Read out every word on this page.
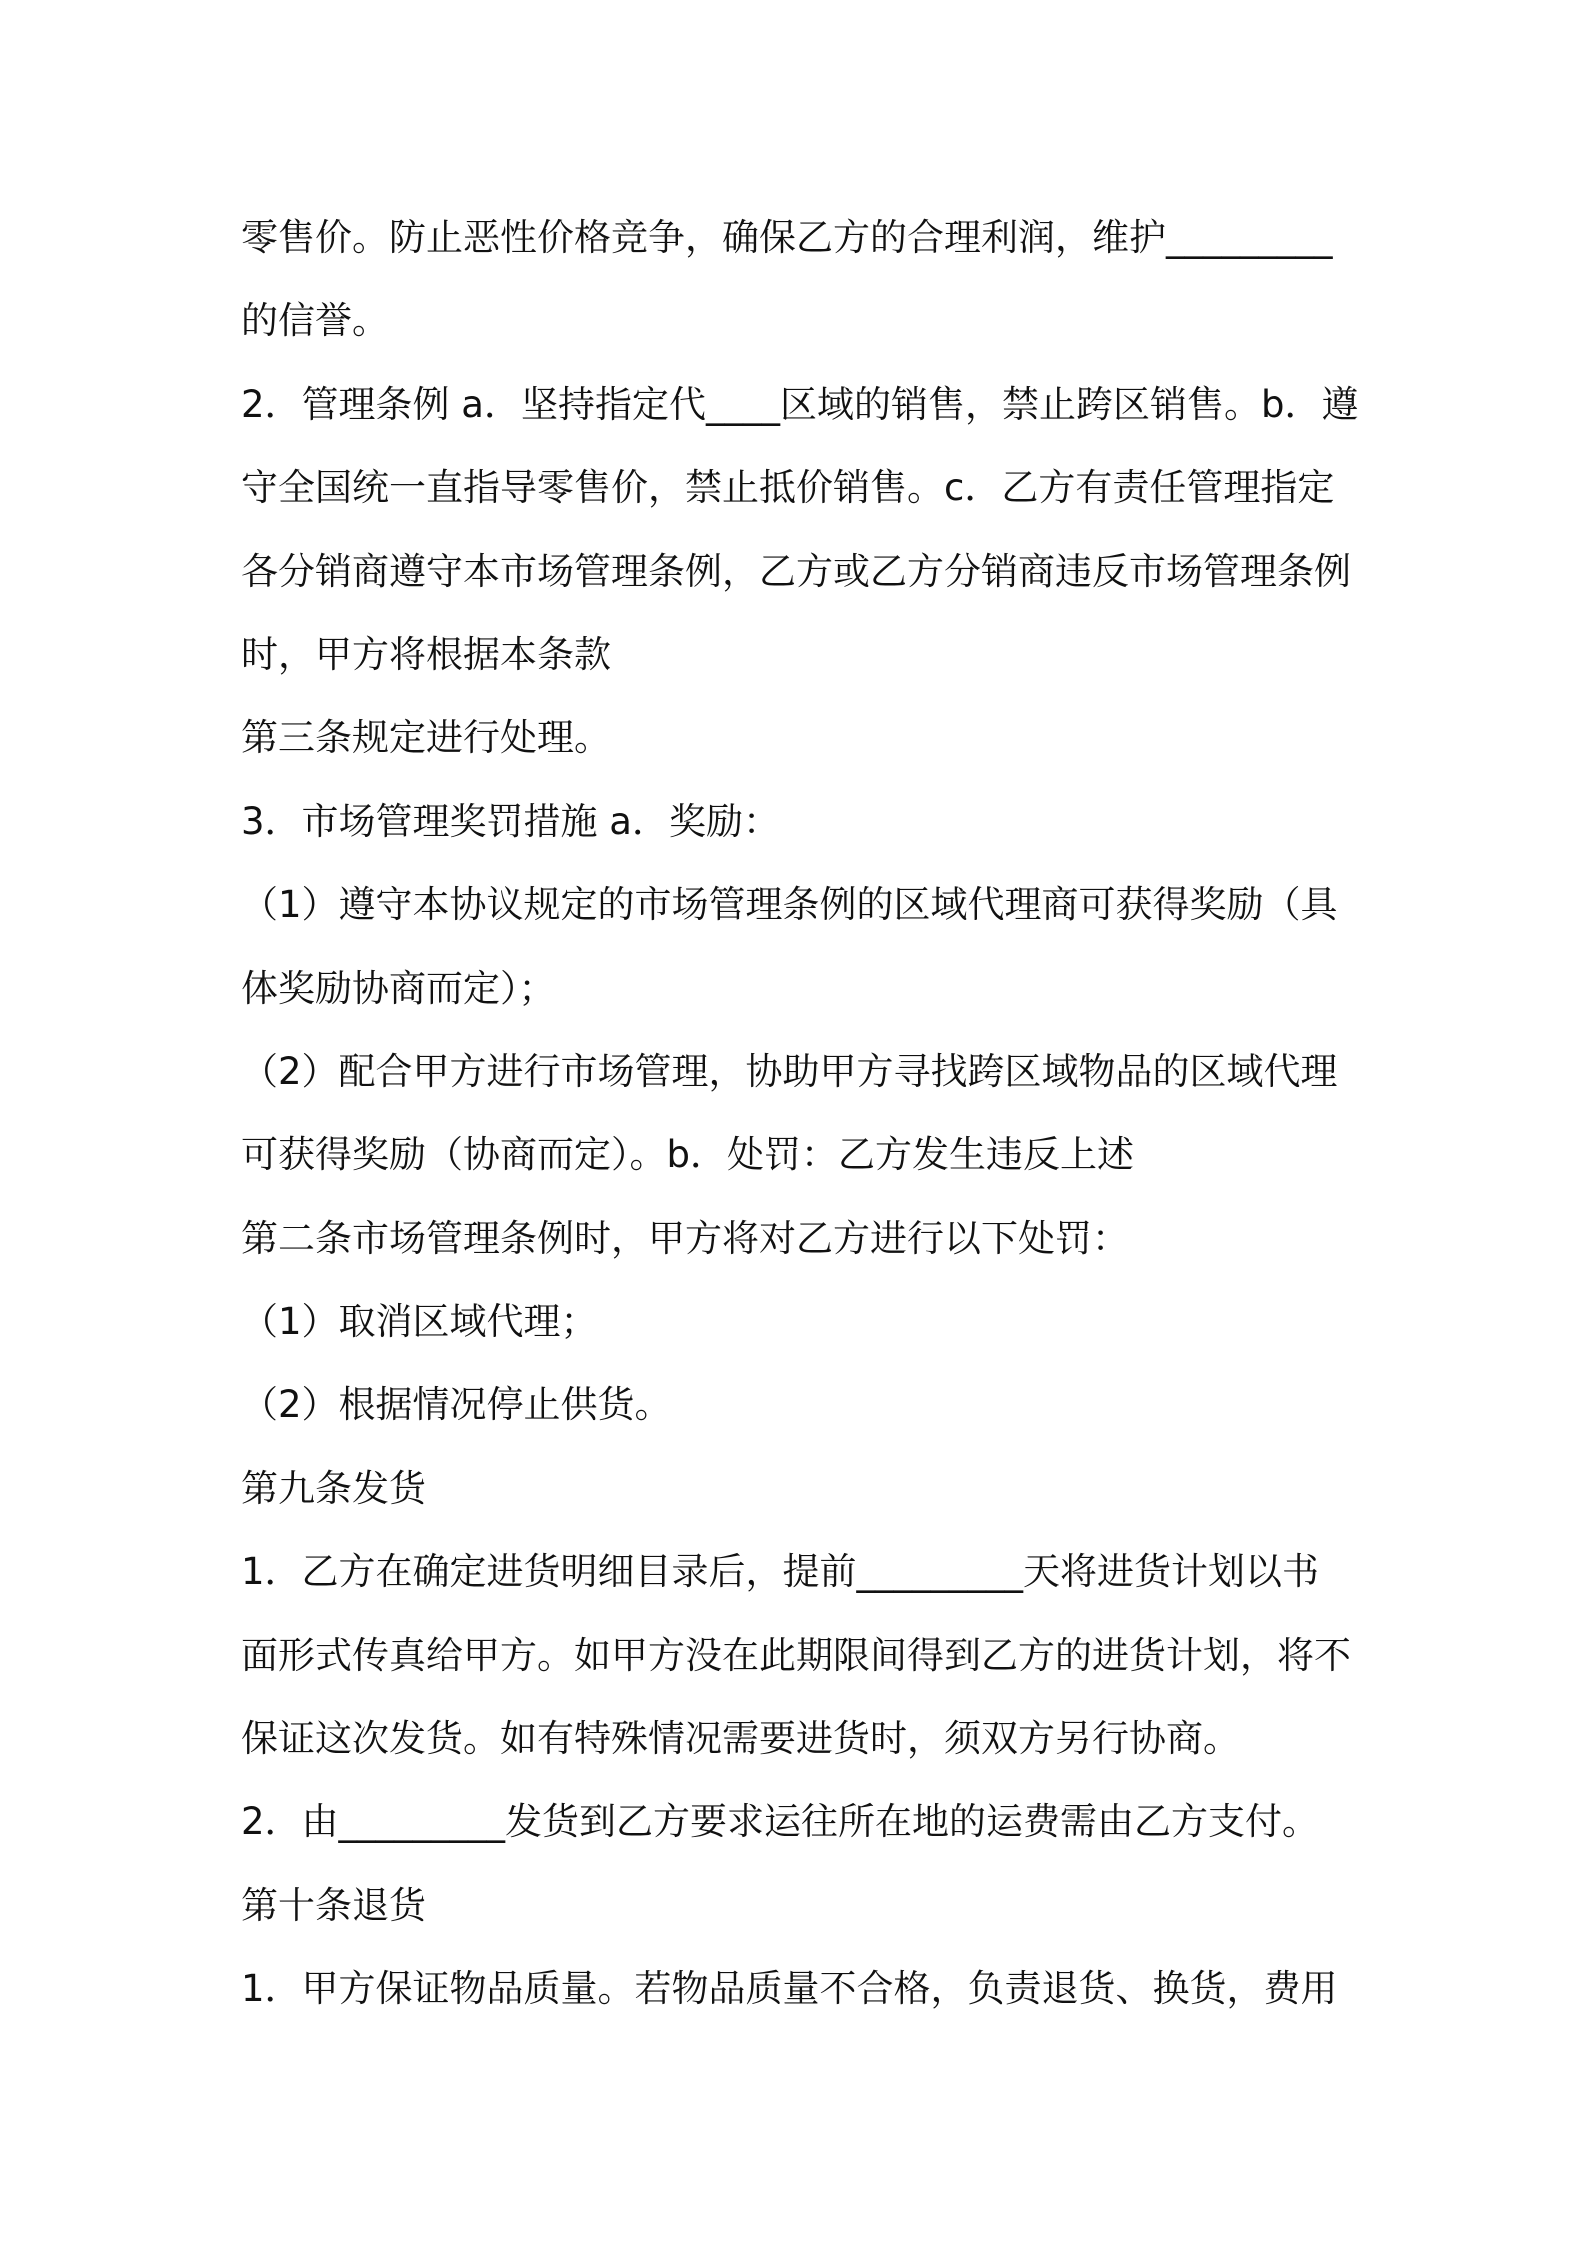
零售价。防止恶性价格竞争，确保乙方的合理利润，维护_________
的信誉。
2．管理条例 a．坚持指定代____区域的销售，禁止跨区销售。b．遵
守全国统一直指导零售价，禁止抵价销售。c．乙方有责任管理指定
各分销商遵守本市场管理条例，乙方或乙方分销商违反市场管理条例
时，甲方将根据本条款
第三条规定进行处理。
3．市场管理奖罚措施 a．奖励：
（1）遵守本协议规定的市场管理条例的区域代理商可获得奖励（具
体奖励协商而定）；
（2）配合甲方进行市场管理，协助甲方寻找跨区域物品的区域代理
可获得奖励（协商而定）。b．处罚：乙方发生违反上述
第二条市场管理条例时，甲方将对乙方进行以下处罚：
（1）取消区域代理；
（2）根据情况停止供货。
第九条发货
1．乙方在确定进货明细目录后，提前_________天将进货计划以书
面形式传真给甲方。如甲方没在此期限间得到乙方的进货计划，将不
保证这次发货。如有特殊情况需要进货时，须双方另行协商。
2．由_________发货到乙方要求运往所在地的运费需由乙方支付。
第十条退货
1．甲方保证物品质量。若物品质量不合格，负责退货、换货，费用
